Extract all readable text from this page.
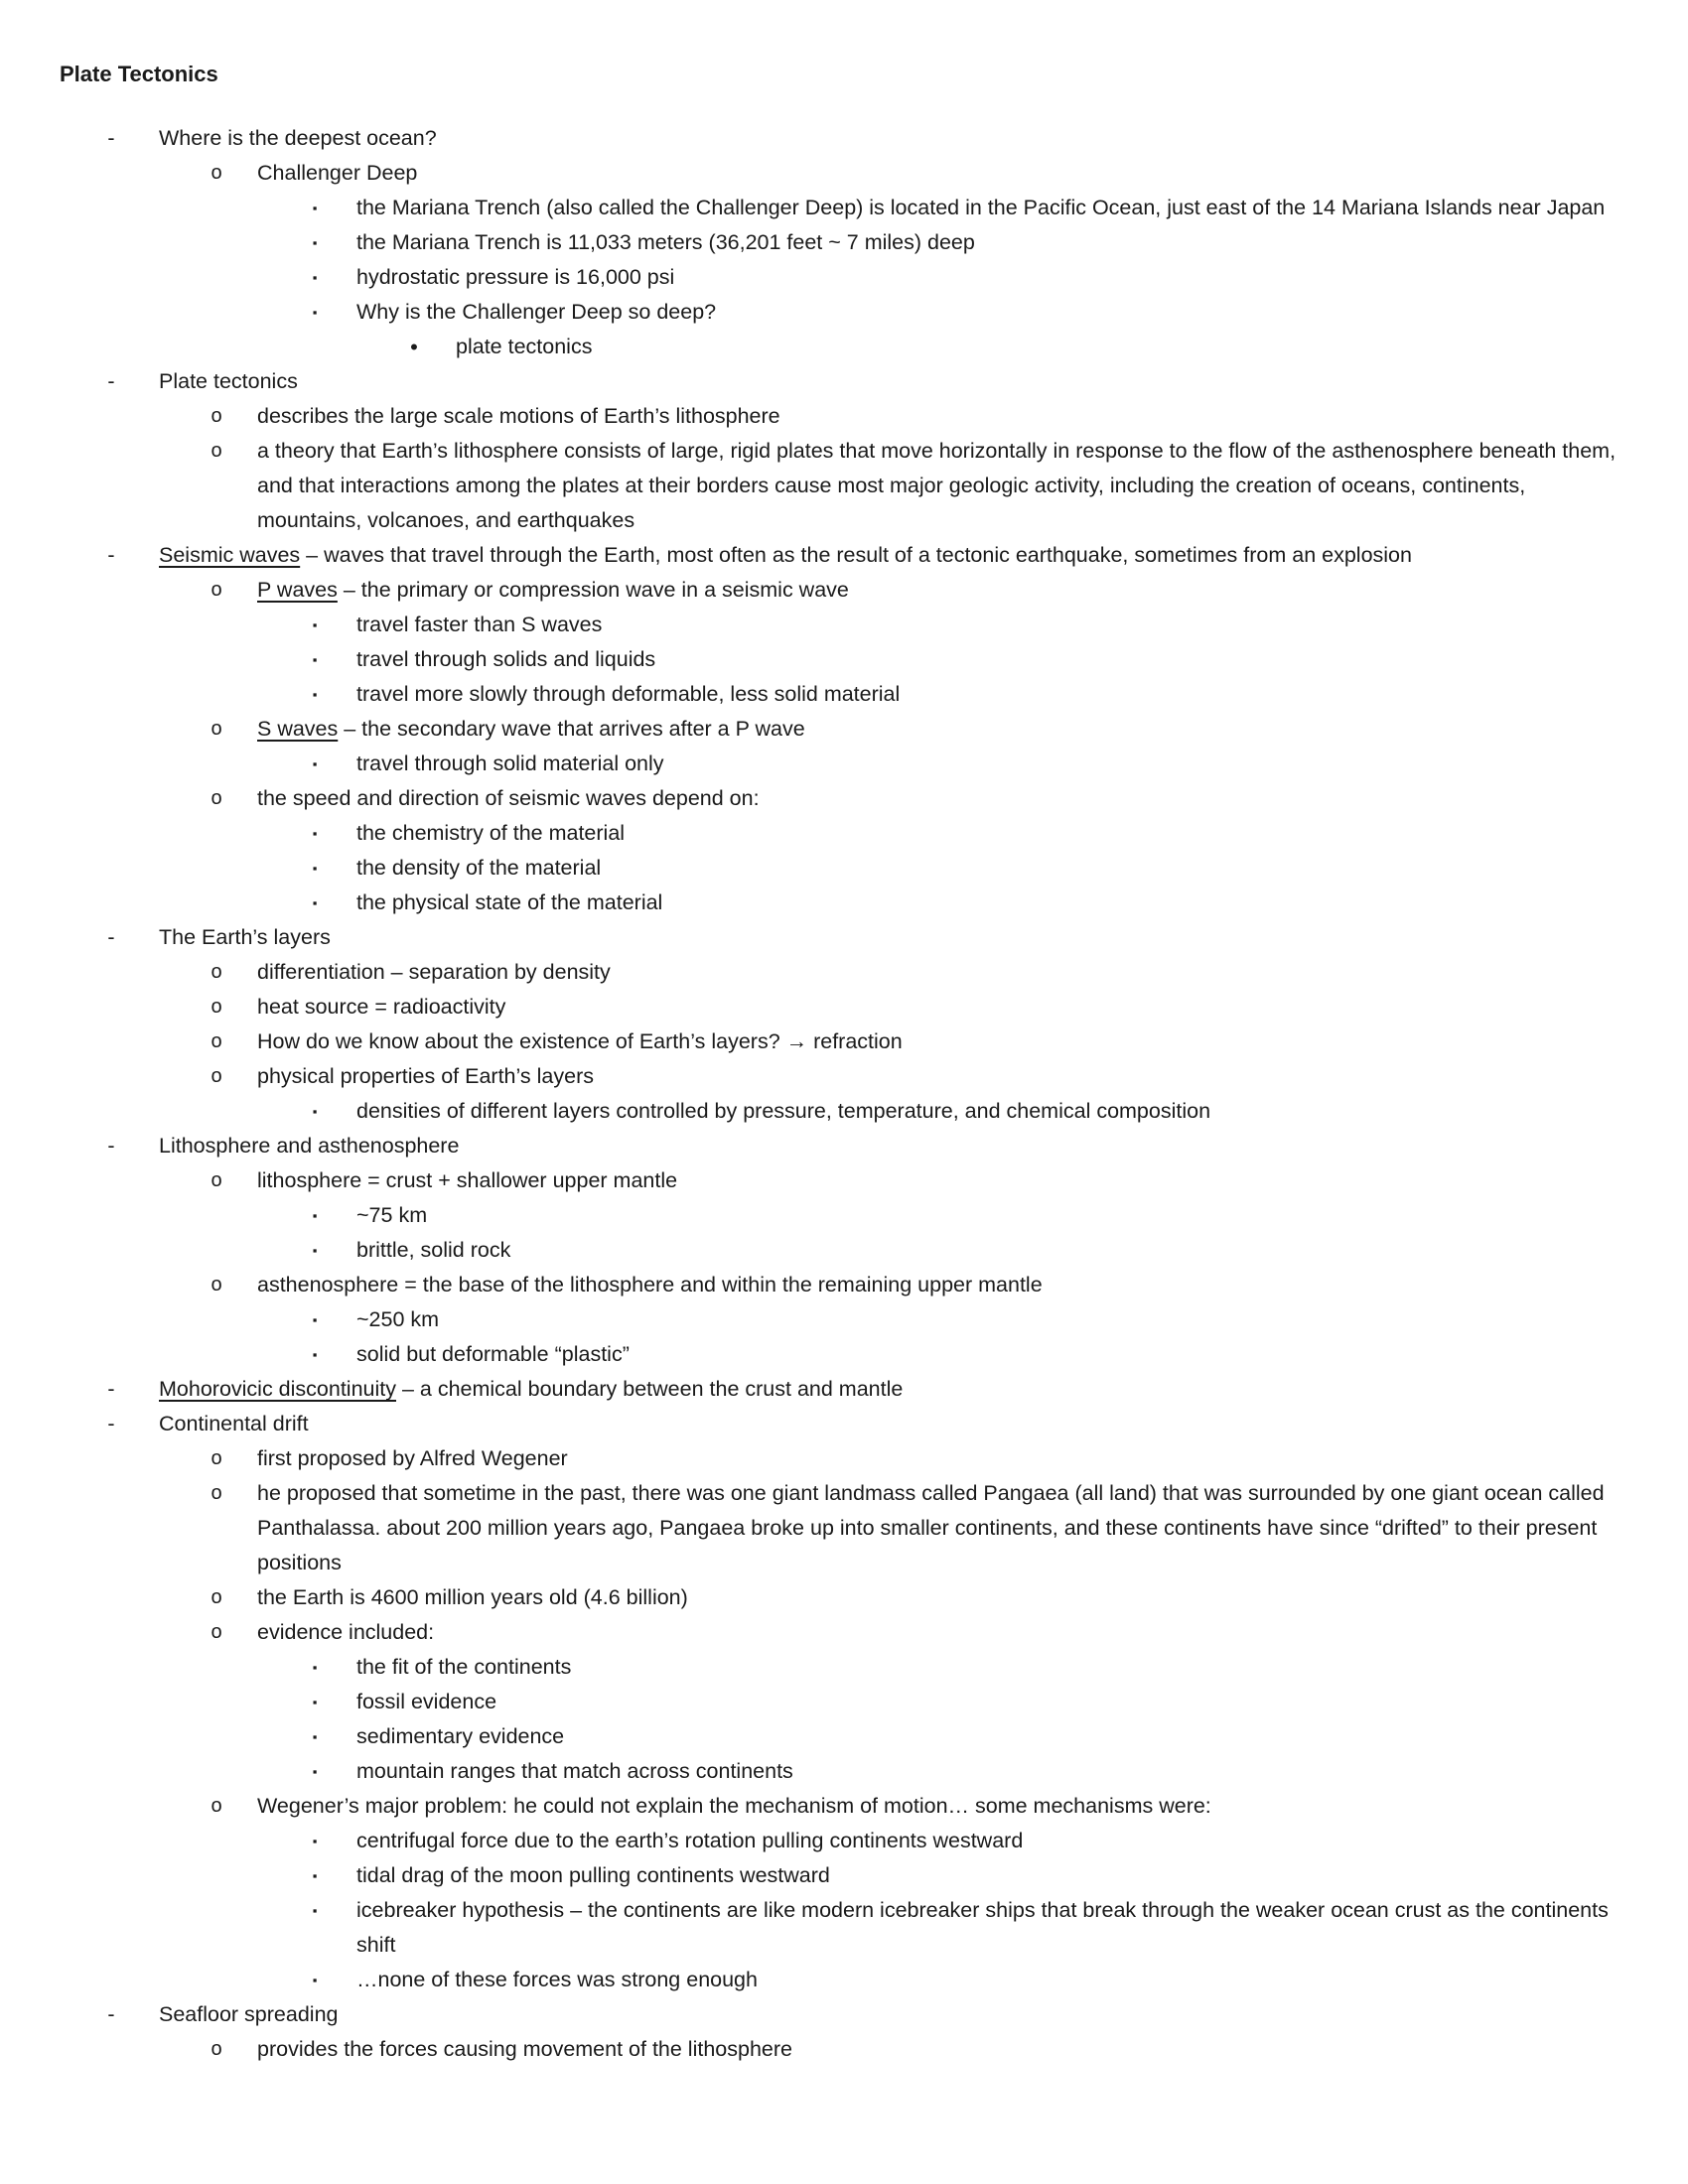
Plate Tectonics
-	Where is the deepest ocean?
o	Challenger Deep
▪	the Mariana Trench (also called the Challenger Deep) is located in the Pacific Ocean, just east of the 14 Mariana Islands near Japan
▪	the Mariana Trench is 11,033 meters (36,201 feet ~ 7 miles) deep
▪	hydrostatic pressure is 16,000 psi
▪	Why is the Challenger Deep so deep?
•	plate tectonics
-	Plate tectonics
o	describes the large scale motions of Earth’s lithosphere
o	a theory that Earth’s lithosphere consists of large, rigid plates that move horizontally in response to the flow of the asthenosphere beneath them, and that interactions among the plates at their borders cause most major geologic activity, including the creation of oceans, continents, mountains, volcanoes, and earthquakes
-	Seismic waves – waves that travel through the Earth, most often as the result of a tectonic earthquake, sometimes from an explosion
o	P waves – the primary or compression wave in a seismic wave
▪	travel faster than S waves
▪	travel through solids and liquids
▪	travel more slowly through deformable, less solid material
o	S waves – the secondary wave that arrives after a P wave
▪	travel through solid material only
o	the speed and direction of seismic waves depend on:
▪	the chemistry of the material
▪	the density of the material
▪	the physical state of the material
-	The Earth’s layers
o	differentiation – separation by density
o	heat source = radioactivity
o	How do we know about the existence of Earth’s layers? → refraction
o	physical properties of Earth’s layers
▪	densities of different layers controlled by pressure, temperature, and chemical composition
-	Lithosphere and asthenosphere
o	lithosphere = crust + shallower upper mantle
▪	~75 km
▪	brittle, solid rock
o	asthenosphere = the base of the lithosphere and within the remaining upper mantle
▪	~250 km
▪	solid but deformable “plastic”
-	Mohorovicic discontinuity – a chemical boundary between the crust and mantle
-	Continental drift
o	first proposed by Alfred Wegener
o	he proposed that sometime in the past, there was one giant landmass called Pangaea (all land) that was surrounded by one giant ocean called Panthalassa. about 200 million years ago, Pangaea broke up into smaller continents, and these continents have since “drifted” to their present positions
o	the Earth is 4600 million years old (4.6 billion)
o	evidence included:
▪	the fit of the continents
▪	fossil evidence
▪	sedimentary evidence
▪	mountain ranges that match across continents
o	Wegener’s major problem: he could not explain the mechanism of motion… some mechanisms were:
▪	centrifugal force due to the earth’s rotation pulling continents westward
▪	tidal drag of the moon pulling continents westward
▪	icebreaker hypothesis – the continents are like modern icebreaker ships that break through the weaker ocean crust as the continents shift
▪	…none of these forces was strong enough
-	Seafloor spreading
o	provides the forces causing movement of the lithosphere
